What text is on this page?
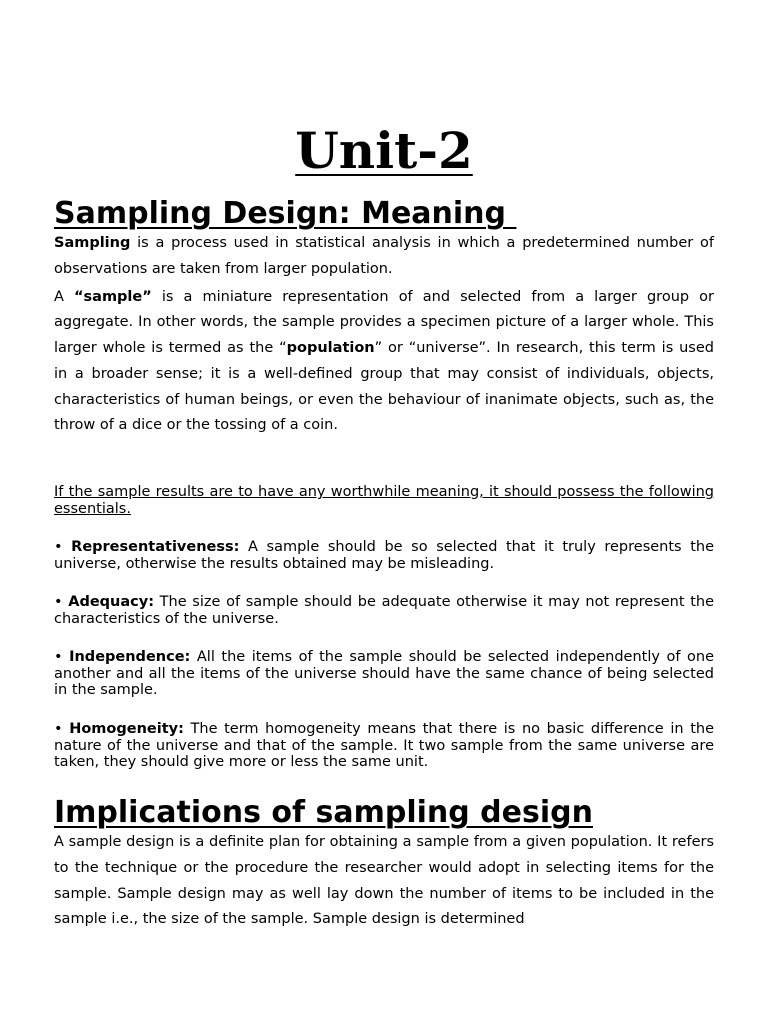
Unit-2
Sampling Design: Meaning

Sampling is a process used in statistical analysis in which a predetermined number of observations are taken from larger population.

A “sample” is a miniature representation of and selected from a larger group or aggregate. In other words, the sample provides a specimen picture of a larger whole. This larger whole is termed as the “population” or “universe”. In research, this term is used in a broader sense; it is a well-defined group that may consist of individuals, objects, characteristics of human beings, or even the behaviour of inanimate objects, such as, the throw of a dice or the tossing of a coin.

If the sample results are to have any worthwhile meaning, it should possess the following essentials.

• Representativeness: A sample should be so selected that it truly represents the universe, otherwise the results obtained may be misleading.

• Adequacy: The size of sample should be adequate otherwise it may not represent the characteristics of the universe.

• Independence: All the items of the sample should be selected independently of one another and all the items of the universe should have the same chance of being selected in the sample.

• Homogeneity: The term homogeneity means that there is no basic difference in the nature of the universe and that of the sample. It two sample from the same universe are taken, they should give more or less the same unit.

Implications of sampling design

A sample design is a definite plan for obtaining a sample from a given population. It refers to the technique or the procedure the researcher would adopt in selecting items for the sample. Sample design may as well lay down the number of items to be included in the sample i.e., the size of the sample. Sample design is determined
